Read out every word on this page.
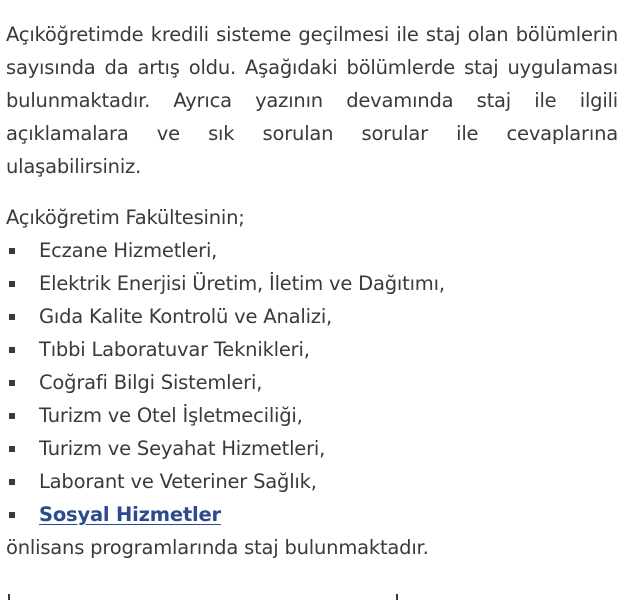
Açıköğretimde kredili sisteme geçilmesi ile staj olan bölümlerin sayısında da artış oldu. Aşağıdaki bölümlerde staj uygulaması bulunmaktadır. Ayrıca yazının devamında staj ile ilgili açıklamalara ve sık sorulan sorular ile cevaplarına ulaşabilirsiniz.

Açıköğretim Fakültesinin;

Eczane Hizmetleri,
Elektrik Enerjisi Üretim, İletim ve Dağıtımı,
Gıda Kalite Kontrolü ve Analizi,
Tıbbi Laboratuvar Teknikleri,
Coğrafi Bilgi Sistemleri,
Turizm ve Otel İşletmeciliği,
Turizm ve Seyahat Hizmetleri,
Laborant ve Veteriner Sağlık,
Sosyal Hizmetler

önlisans programlarında staj bulunmaktadır.
